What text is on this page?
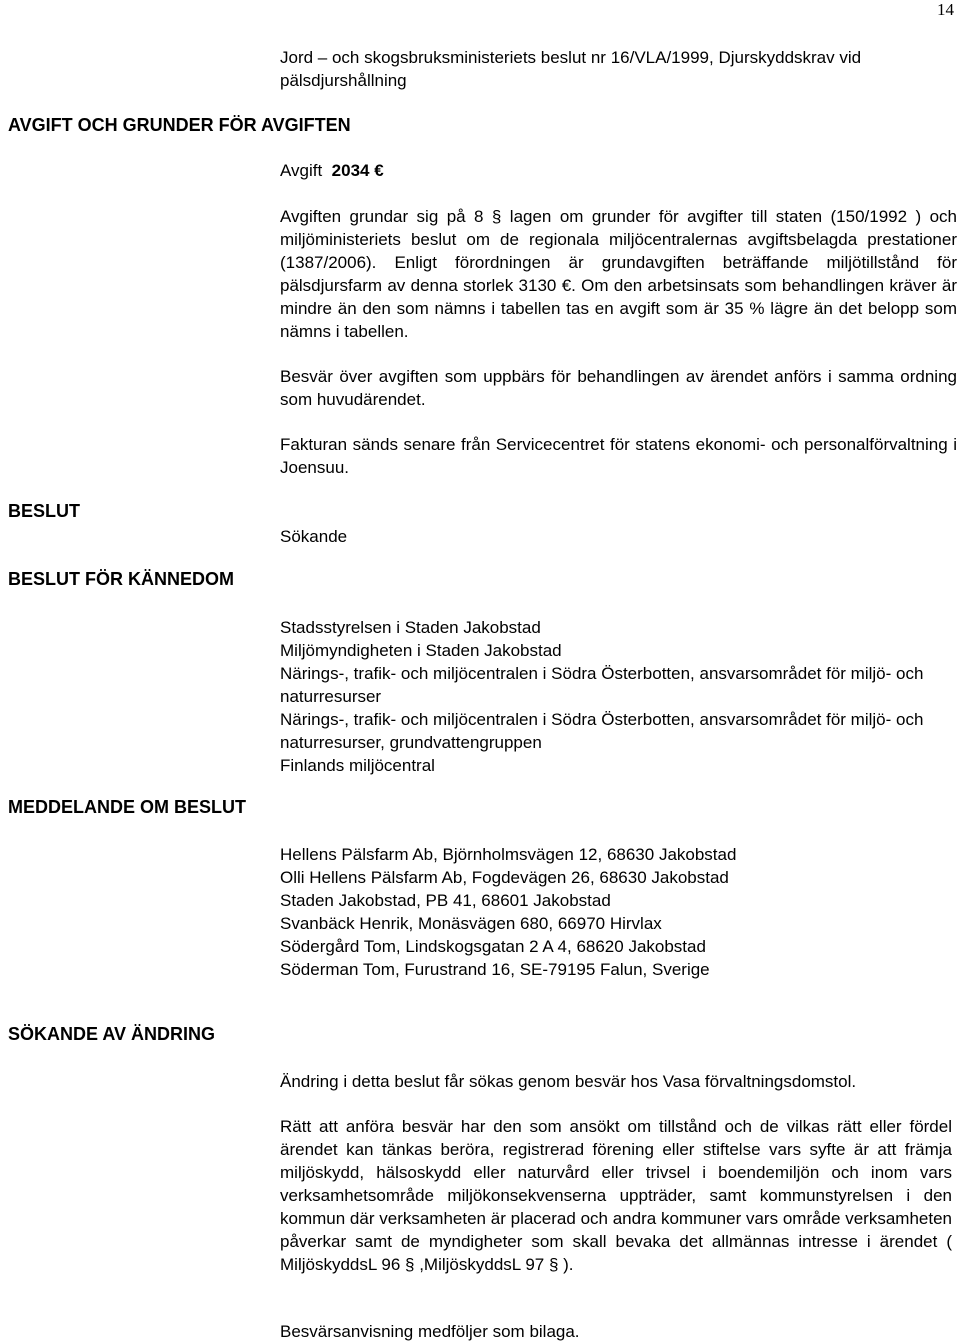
14
Jord – och skogsbruksministeriets beslut nr 16/VLA/1999, Djurskyddskrav vid
pälsdjurshållning
AVGIFT OCH GRUNDER FÖR AVGIFTEN
Avgift 2034 €
Avgiften grundar sig på 8 § lagen om grunder för avgifter till staten (150/1992 ) och miljöministeriets beslut om de regionala miljöcentralernas avgiftsbelagda prestationer (1387/2006). Enligt förordningen är grundavgiften beträffande miljötillstånd för pälsdjursfarm av denna storlek 3130 €. Om den arbetsinsats som behandlingen kräver är mindre än den som nämns i tabellen tas en avgift som är 35 % lägre än det belopp som nämns i tabellen.
Besvär över avgiften som uppbärs för behandlingen av ärendet anförs i samma ordning som huvudärendet.
Fakturan sänds senare från Servicecentret för statens ekonomi- och personalförvaltning i Joensuu.
BESLUT
Sökande
BESLUT FÖR KÄNNEDOM
Stadsstyrelsen i Staden Jakobstad
Miljömyndigheten i Staden Jakobstad
Närings-, trafik- och miljöcentralen i Södra Österbotten, ansvarsområdet för miljö- och naturresurser
Närings-, trafik- och miljöcentralen i Södra Österbotten, ansvarsområdet för miljö- och naturresurser, grundvattengruppen
Finlands miljöcentral
MEDDELANDE OM BESLUT
Hellens Pälsfarm Ab, Björnholmsvägen 12, 68630 Jakobstad
Olli Hellens Pälsfarm Ab, Fogdevägen 26, 68630 Jakobstad
Staden Jakobstad, PB 41, 68601 Jakobstad
Svanbäck Henrik, Monäsvägen 680, 66970 Hirvlax
Södergård Tom, Lindskogsgatan 2 A 4, 68620 Jakobstad
Söderman Tom, Furustrand 16, SE-79195 Falun, Sverige
SÖKANDE AV ÄNDRING
Ändring i detta beslut får sökas genom besvär hos Vasa förvaltningsdomstol.
Rätt att anföra besvär har den som ansökt om tillstånd och de vilkas rätt eller fördel ärendet kan tänkas beröra, registrerad förening eller stiftelse vars syfte är att främja miljöskydd, hälsoskydd eller naturvård eller trivsel i boendemiljön och inom vars verksamhetsområde miljökonsekvenserna uppträder, samt kommunstyrelsen i den kommun där verksamheten är placerad och andra kommuner vars område verksamheten påverkar samt de myndigheter som skall bevaka det allmännas intresse i ärendet ( MiljöskyddsL 96 § ,MiljöskyddsL 97 § ).
Besvärsanvisning medföljer som bilaga.
